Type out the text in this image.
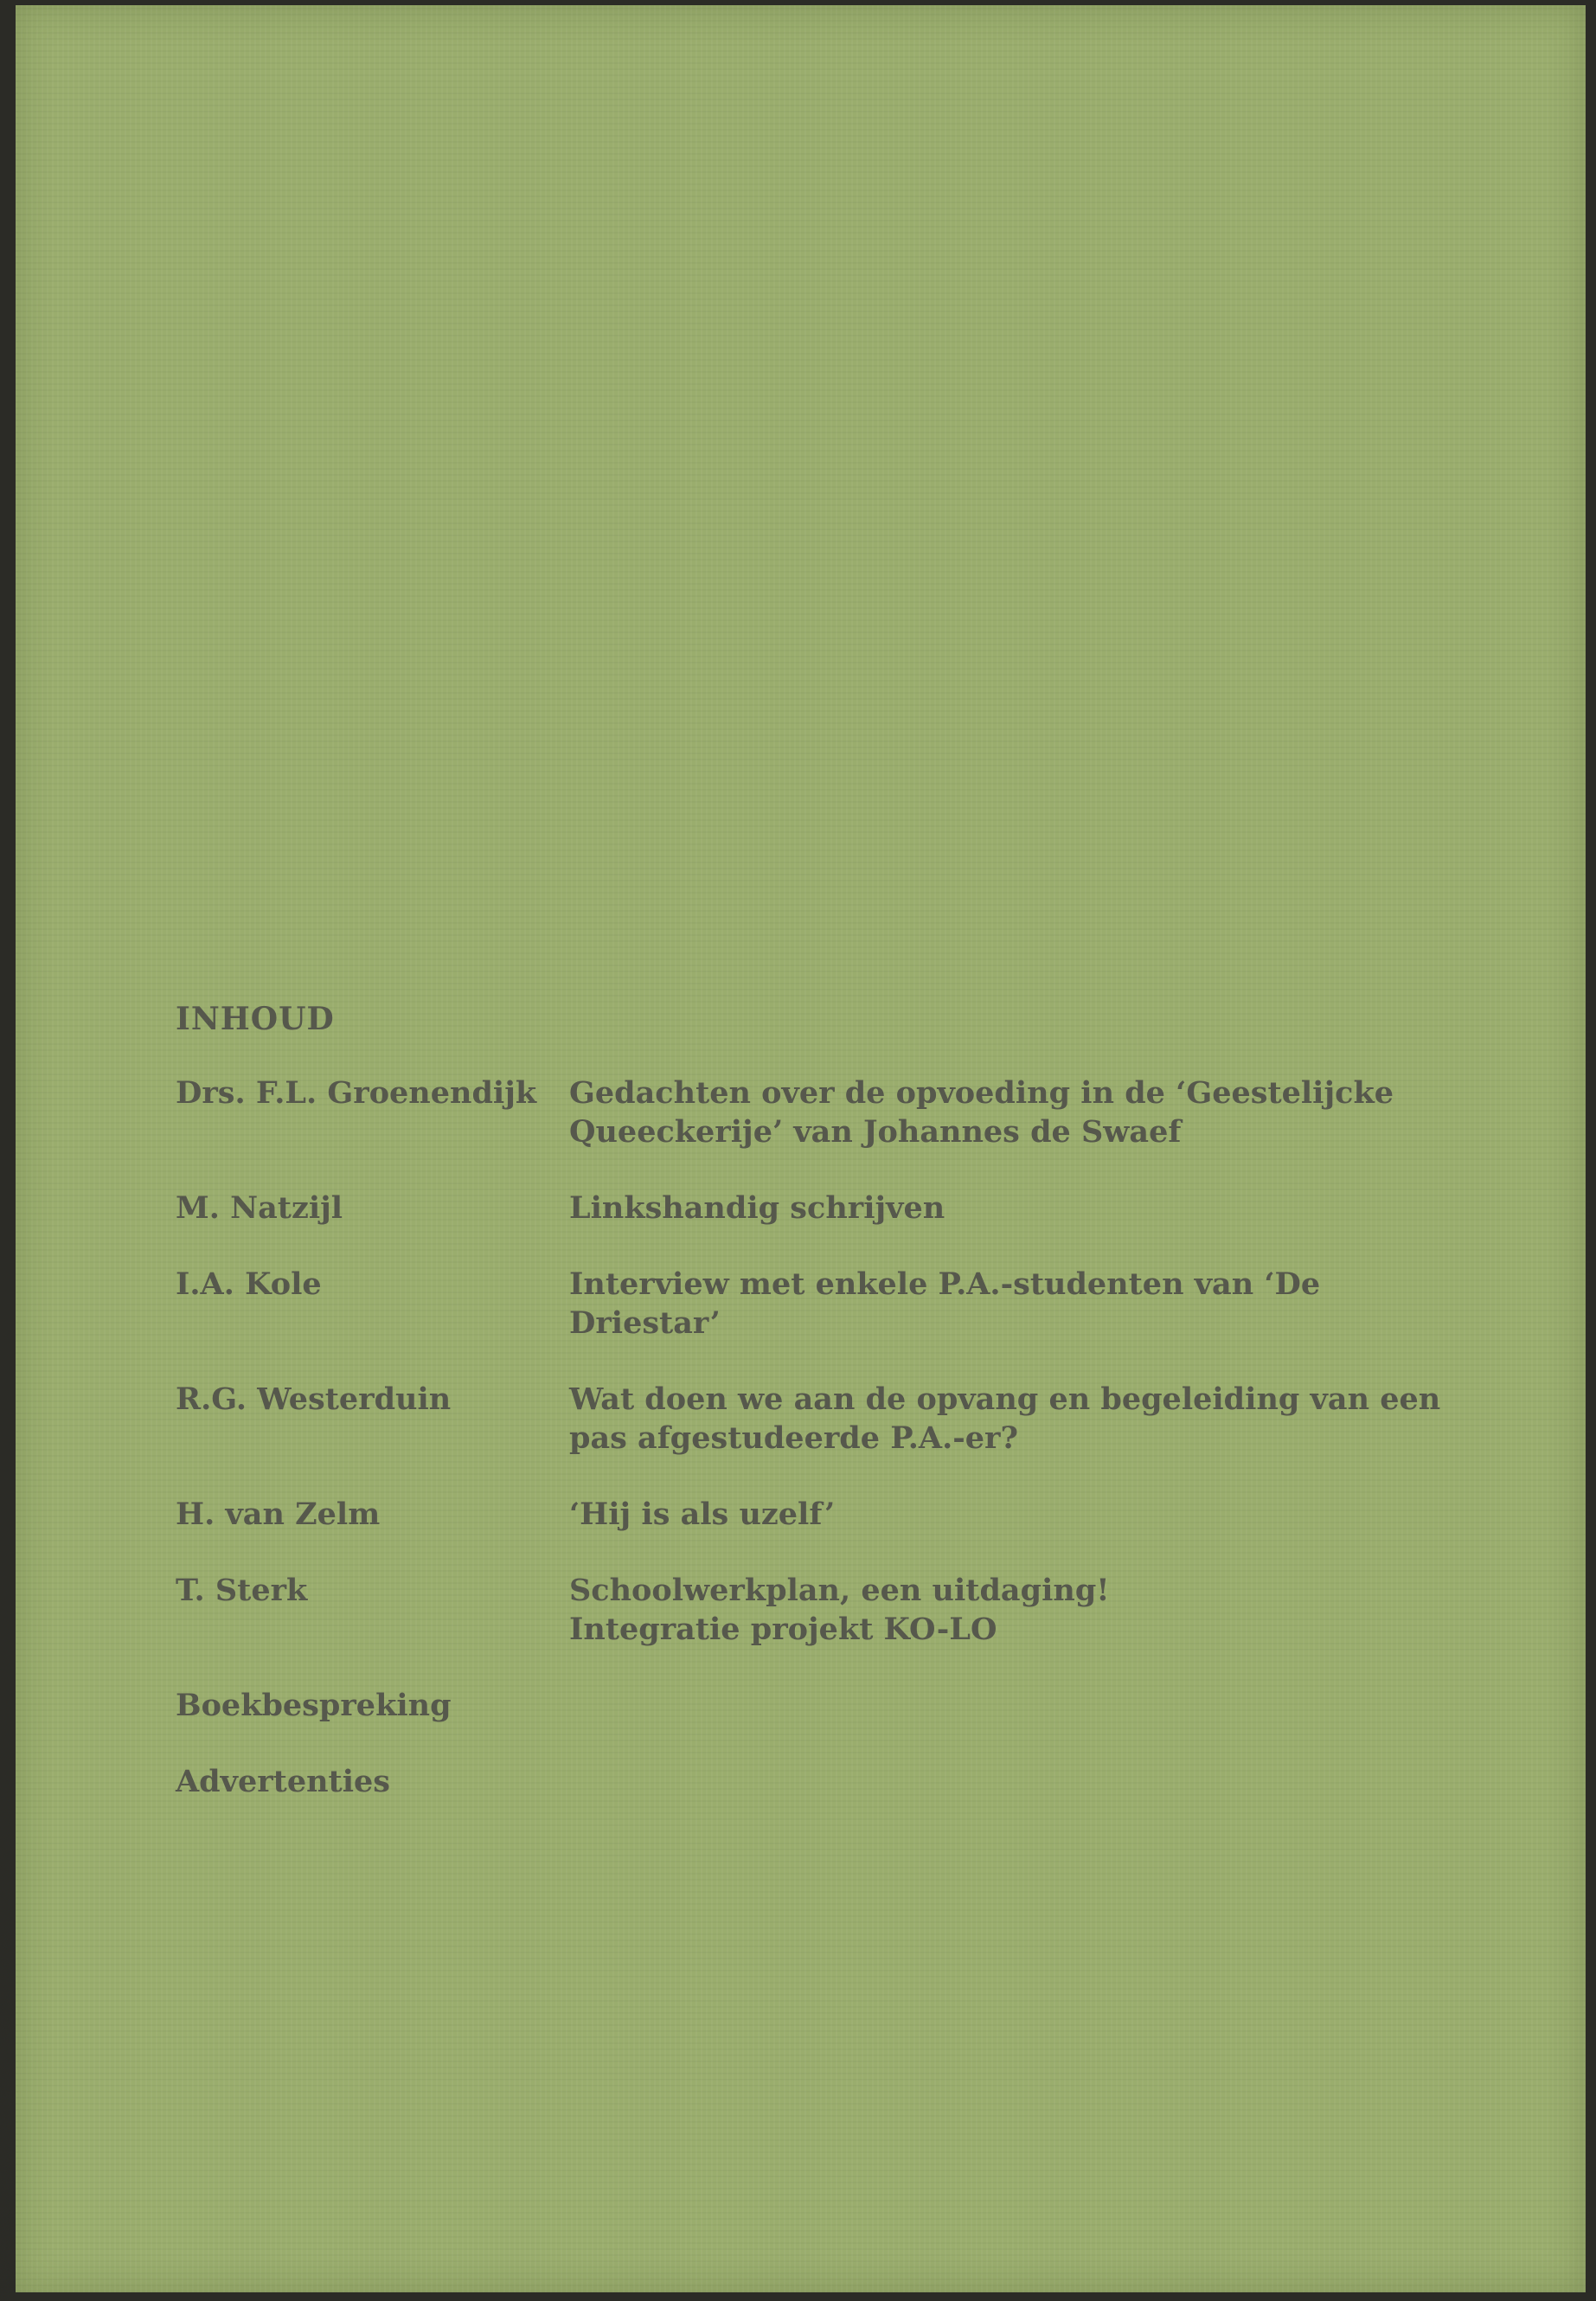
INHOUD
Drs. F.L. Groenendijk	Gedachten over de opvoeding in de ‘Geestelijcke
Queeckerije’ van Johannes de Swaef
M. Natzijl	Linkshandig schrijven
I.A. Kole	Interview met enkele P.A.-studenten van ‘De
Driestar’
R.G. Westerduin	Wat doen we aan de opvang en begeleiding van een
pas afgestudeerde P.A.-er?
H. van Zelm	‘Hij is als uzelf’
T. Sterk	Schoolwerkplan, een uitdaging!
Integratie projekt KO-LO
Boekbespreking
Advertenties
